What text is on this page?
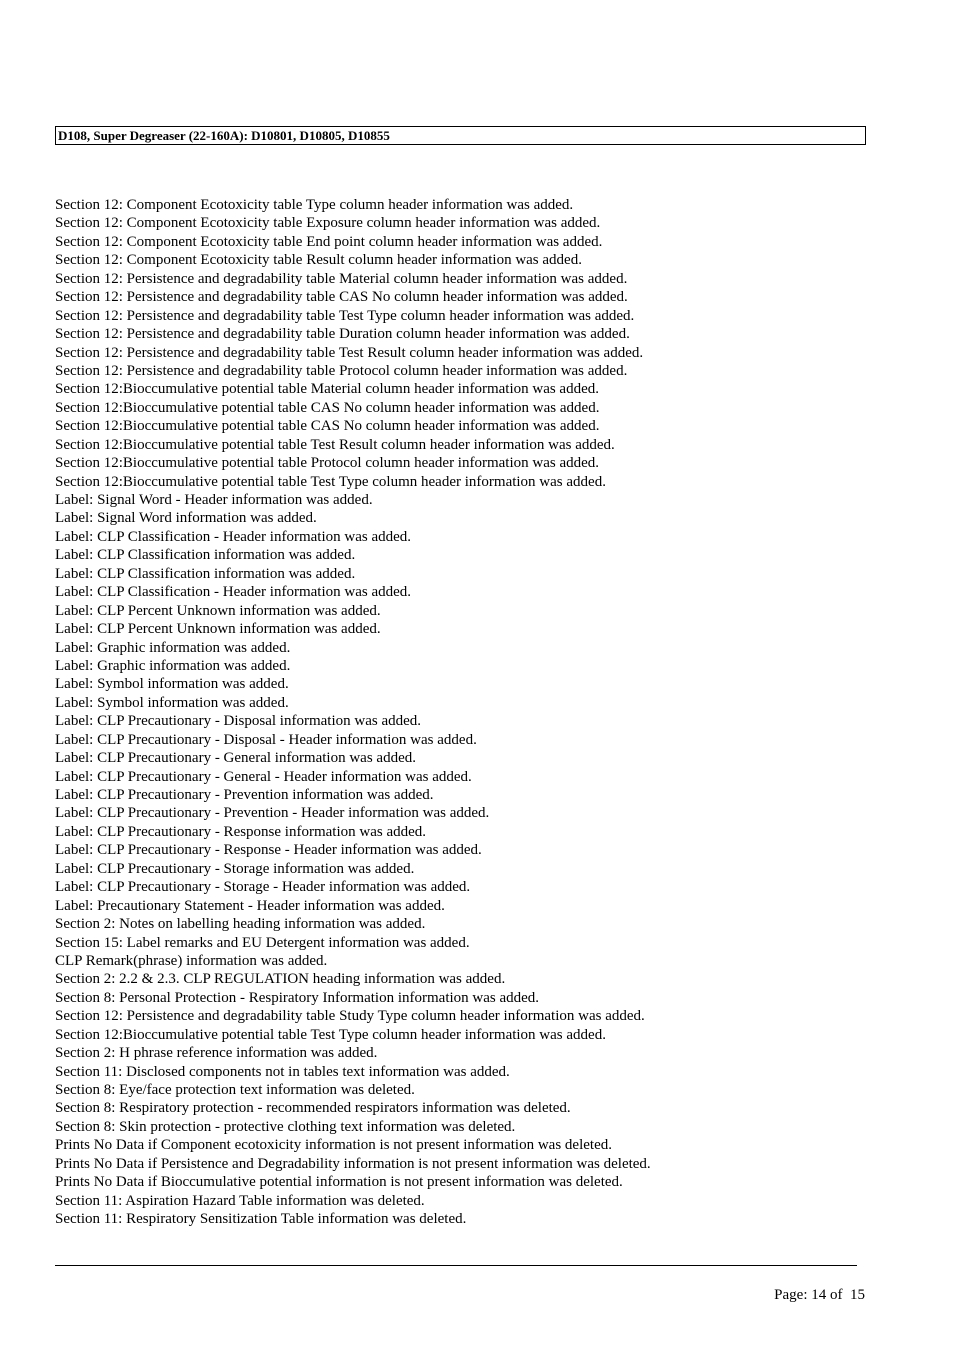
D108, Super Degreaser (22-160A): D10801, D10805, D10855
Section 12: Component Ecotoxicity table Type column header information was added.
Section 12: Component Ecotoxicity table Exposure column header information was added.
Section 12: Component Ecotoxicity table End point column header information was added.
Section 12: Component Ecotoxicity table Result column header information was added.
Section 12: Persistence and degradability table Material column header information was added.
Section 12: Persistence and degradability table CAS No column header information was added.
Section 12: Persistence and degradability table Test Type column header information was added.
Section 12: Persistence and degradability table Duration column header information was added.
Section 12: Persistence and degradability table Test Result column header information was added.
Section 12: Persistence and degradability table Protocol column header information was added.
Section 12:Bioccumulative potential table Material column header information was added.
Section 12:Bioccumulative potential table CAS No column header information was added.
Section 12:Bioccumulative potential table CAS No column header information was added.
Section 12:Bioccumulative potential table Test Result column header information was added.
Section 12:Bioccumulative potential table Protocol column header information was added.
Section 12:Bioccumulative potential table Test Type column header information was added.
Label: Signal Word - Header information was added.
Label: Signal Word information was added.
Label: CLP Classification - Header information was added.
Label: CLP Classification information was added.
Label: CLP Classification information was added.
Label: CLP Classification - Header information was added.
Label: CLP Percent Unknown information was added.
Label: CLP Percent Unknown information was added.
Label: Graphic information was added.
Label: Graphic information was added.
Label: Symbol information was added.
Label: Symbol information was added.
Label: CLP Precautionary - Disposal information was added.
Label: CLP Precautionary - Disposal - Header information was added.
Label: CLP Precautionary - General information was added.
Label: CLP Precautionary - General - Header information was added.
Label: CLP Precautionary - Prevention information was added.
Label: CLP Precautionary - Prevention - Header information was added.
Label: CLP Precautionary - Response information was added.
Label: CLP Precautionary - Response - Header information was added.
Label: CLP Precautionary - Storage information was added.
Label: CLP Precautionary - Storage - Header information was added.
Label: Precautionary Statement - Header information was added.
Section 2: Notes on labelling heading information was added.
Section 15: Label remarks and EU Detergent information was added.
CLP Remark(phrase) information was added.
Section 2: 2.2 & 2.3. CLP REGULATION heading information was added.
Section 8: Personal Protection - Respiratory Information information was added.
Section 12: Persistence and degradability table Study Type column header information was added.
Section 12:Bioccumulative potential table Test Type column header information was added.
Section 2: H phrase reference information was added.
Section 11: Disclosed components not in tables text information was added.
Section 8: Eye/face protection text information was deleted.
Section 8: Respiratory protection - recommended respirators information was deleted.
Section 8: Skin protection - protective clothing text information was deleted.
Prints No Data if Component ecotoxicity information is not present information was deleted.
Prints No Data if Persistence and Degradability information is not present information was deleted.
Prints No Data if Bioccumulative potential information is not present information was deleted.
Section 11: Aspiration Hazard Table information was deleted.
Section 11: Respiratory Sensitization Table information was deleted.
Page: 14 of  15
